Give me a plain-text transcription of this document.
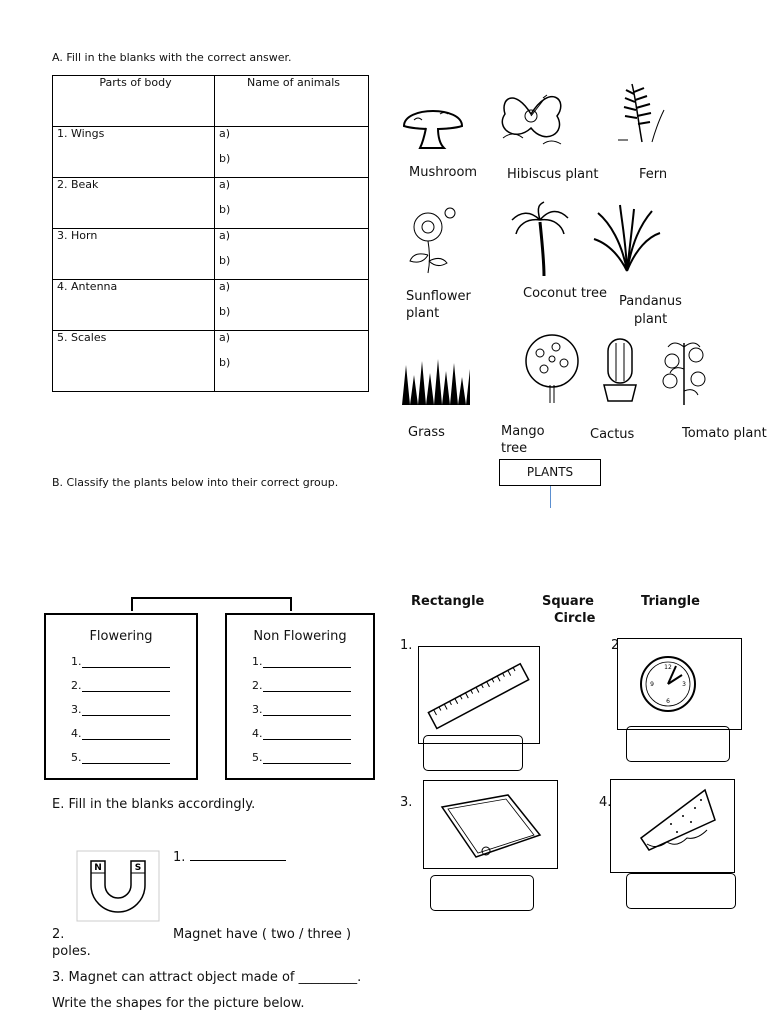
A. Fill in the blanks with the correct answer.
Parts of body	Name of animals
1. Wings	a)
b)

2. Beak	a)
b)

3. Horn	a)
b)

4. Antenna	a)
b)

5. Scales	a)
b)
Mushroom Hibiscus plant	Fern
Sunflower plant
Coconut tree
Pandanus
plant
Grass	Mango
tree
Cactus	Tomato plant
PLANTS
B. Classify the plants below into their correct group.
Flowering
1.
2.
3.
4.
5.
Non Flowering
1.
2.
3.
4.
5.
Rectangle	Square
Circle
Triangle
1.	2
12
3
6
9
3.	4.
E. Fill in the blanks accordingly.
N	S
1.
2.	Magnet have ( two / three )
poles.
3. Magnet can attract object made of _________.
Write the shapes for the picture below.
